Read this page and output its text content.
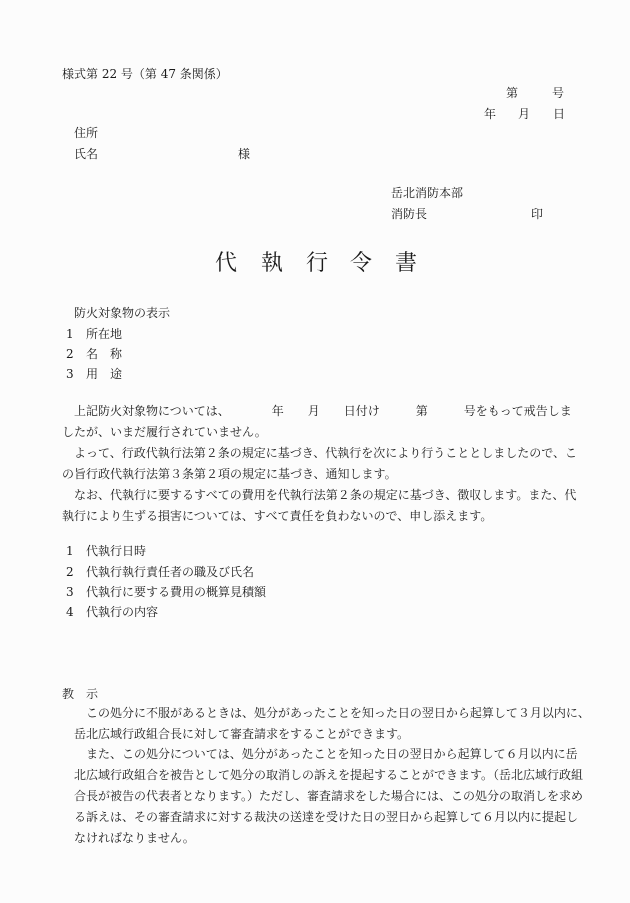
様式第 22 号（第 47 条関係）
第	号
年 月 日
住所
氏名	様
岳北消防本部
消防長	印
代 執 行 令 書
防火対象物の表示
1 所在地
2 名　称
3 用　途
　上記防火対象物については、　　　　年　　月　　日付け　　　第　　　号をもって戒告しま
したが、いまだ履行されていません。
　よって、行政代執行法第２条の規定に基づき、代執行を次により行うこととしましたので、こ
の旨行政代執行法第３条第２項の規定に基づき、通知します。
　なお、代執行に要するすべての費用を代執行法第２条の規定に基づき、徴収します。また、代
執行により生ずる損害については、すべて責任を負わないので、申し添えます。
1 代執行日時
2 代執行執行責任者の職及び氏名
3 代執行に要する費用の概算見積額
4 代執行の内容
教　示
　　この処分に不服があるときは、処分があったことを知った日の翌日から起算して３月以内に、
　岳北広域行政組合長に対して審査請求をすることができます。
　　また、この処分については、処分があったことを知った日の翌日から起算して６月以内に岳
　北広域行政組合を被告として処分の取消しの訴えを提起することができます。（岳北広域行政組
　合長が被告の代表者となります。）ただし、審査請求をした場合には、この処分の取消しを求め
　る訴えは、その審査請求に対する裁決の送達を受けた日の翌日から起算して６月以内に提起し
　なければなりません。
